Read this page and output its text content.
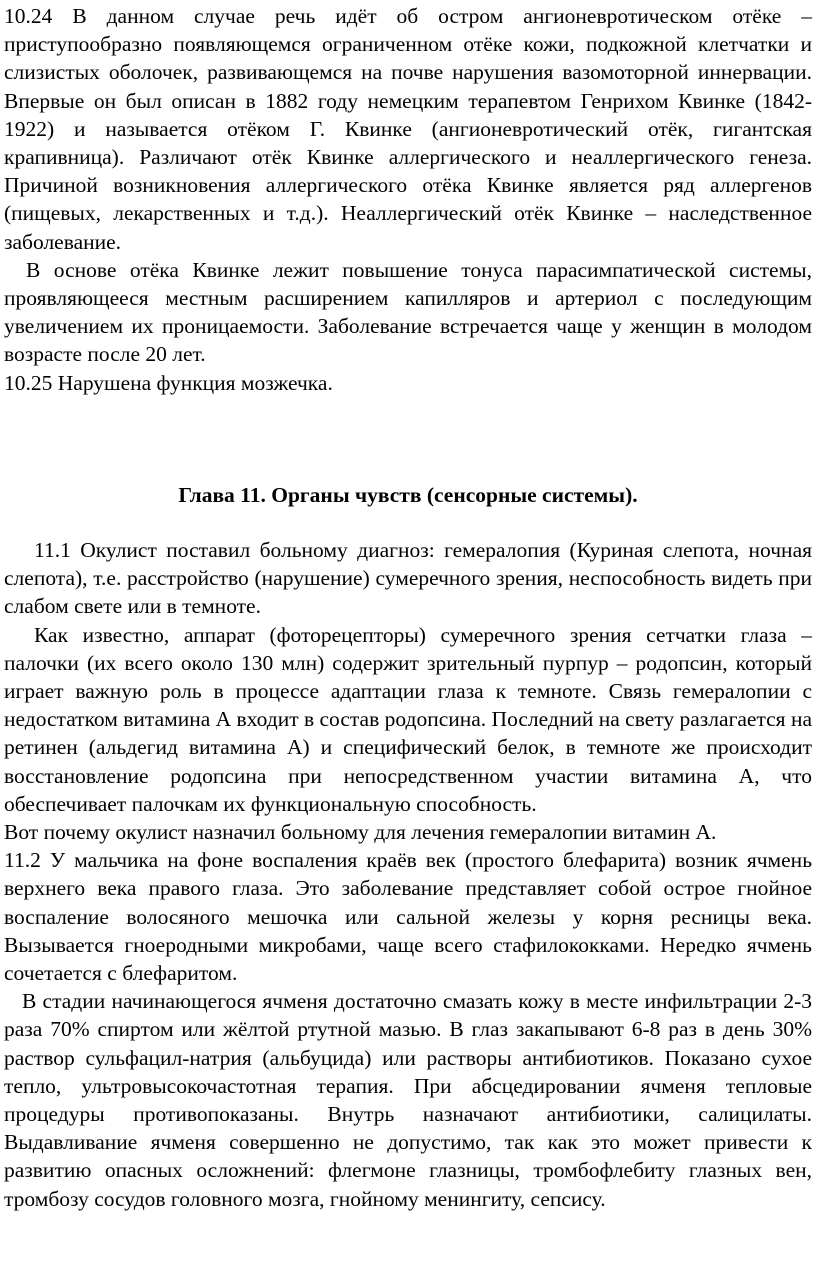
10.24 В данном случае речь идёт об остром ангионевротическом отёке – приступообразно появляющемся ограниченном отёке кожи, подкожной клетчатки и слизистых оболочек, развивающемся на почве нарушения вазомоторной иннервации. Впервые он был описан в 1882 году немецким терапевтом Генрихом Квинке (1842-1922) и называется отёком Г. Квинке (ангионевротический отёк, гигантская крапивница). Различают отёк Квинке аллергического и неаллергического генеза. Причиной возникновения аллергического отёка Квинке является ряд аллергенов (пищевых, лекарственных и т.д.). Неаллергический отёк Квинке – наследственное заболевание.

В основе отёка Квинке лежит повышение тонуса парасимпатической системы, проявляющееся местным расширением капилляров и артериол с последующим увеличением их проницаемости. Заболевание встречается чаще у женщин в молодом возрасте после 20 лет.

10.25 Нарушена функция мозжечка.

Глава 11. Органы чувств (сенсорные системы).

11.1 Окулист поставил больному диагноз: гемералопия (Куриная слепота, ночная слепота), т.е. расстройство (нарушение) сумеречного зрения, неспособность видеть при слабом свете или в темноте.

Как известно, аппарат (фоторецепторы) сумеречного зрения сетчатки глаза – палочки (их всего около 130 млн) содержит зрительный пурпур – родопсин, который играет важную роль в процессе адаптации глаза к темноте. Связь гемералопии с недостатком витамина А входит в состав родопсина. Последний на свету разлагается на ретинен (альдегид витамина А) и специфический белок, в темноте же происходит восстановление родопсина при непосредственном участии витамина А, что обеспечивает палочкам их функциональную способность.

Вот почему окулист назначил больному для лечения гемералопии витамин А.

11.2 У мальчика на фоне воспаления краёв век (простого блефарита) возник ячмень верхнего века правого глаза. Это заболевание представляет собой острое гнойное воспаление волосяного мешочка или сальной железы у корня ресницы века. Вызывается гноеродными микробами, чаще всего стафилококками. Нередко ячмень сочетается с блефаритом.

В стадии начинающегося ячменя достаточно смазать кожу в месте инфильтрации 2-3 раза 70% спиртом или жёлтой ртутной мазью. В глаз закапывают 6-8 раз в день 30% раствор сульфацил-натрия (альбуцида) или растворы антибиотиков. Показано сухое тепло, ультровысокочастотная терапия. При абсцедировании ячменя тепловые процедуры противопоказаны. Внутрь назначают антибиотики, салицилаты. Выдавливание ячменя совершенно не допустимо, так как это может привести к развитию опасных осложнений: флегмоне глазницы, тромбофлебиту глазных вен, тромбозу сосудов головного мозга, гнойному менингиту, сепсису.
